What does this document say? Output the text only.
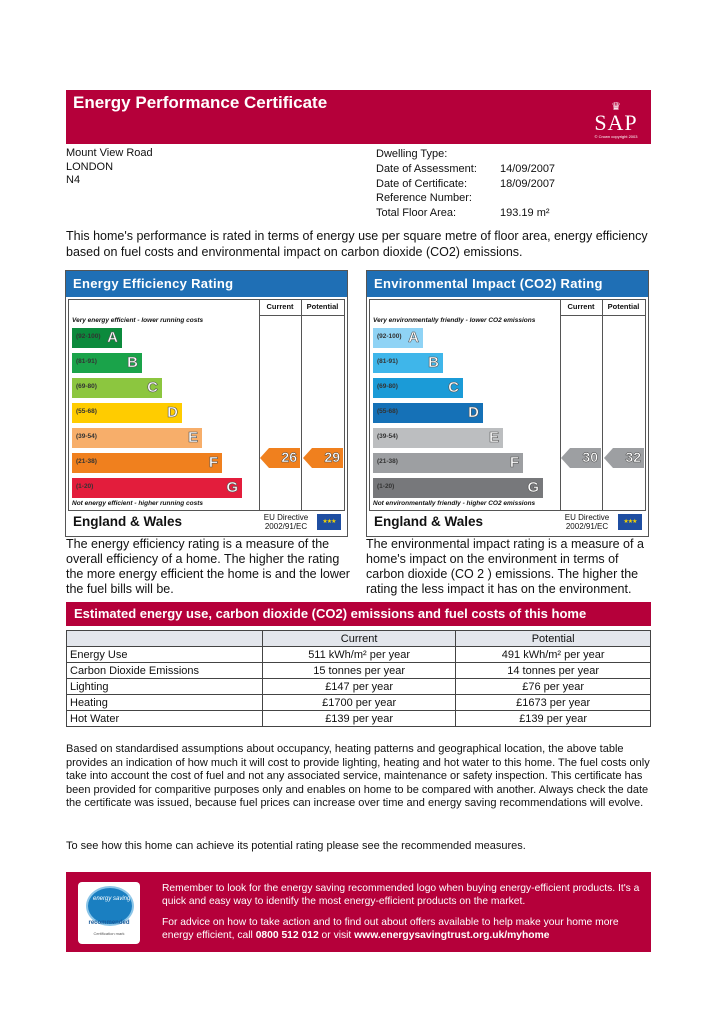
Energy Performance Certificate	♛
SAP
© Crown copyright 2003
Mount View Road
LONDON
N4
Dwelling Type:
Date of Assessment:	14/09/2007
Date of Certificate:	18/09/2007
Reference Number:
Total Floor Area:	193.19 m²
This home's performance is rated in terms of energy use per square metre of floor area, energy efficiency based on fuel costs and environmental impact on carbon dioxide (CO2) emissions.
Energy Efficiency Rating
Current	Potential
Very energy efficient - lower running costs
Not energy efficient - higher running costs
(92-100) A
(81-91) B
(69-80)	C
(55-68)	D
(39-54)	E
(21-38)	F
(1-20)	G
26 29
England & Wales	EU Directive 2002/91/EC	★★★
Environmental Impact (CO2) Rating
Current	Potential
Very environmentally friendly - lower CO2 emissions
Not environmentally friendly - higher CO2 emissions
(92-100) A
(81-91) B
(69-80)	C
(55-68)	D
(39-54)	E
(21-38)	F
(1-20)	G
30 32
England & Wales	EU Directive 2002/91/EC	★★★
The energy efficiency rating is a measure of the overall efficiency of a home. The higher the rating the more energy efficient the home is and the lower the fuel bills will be.
The environmental impact rating is a measure of a home's impact on the environment in terms of carbon dioxide (CO 2 ) emissions. The higher the rating the less impact it has on the environment.
Estimated energy use, carbon dioxide (CO2) emissions and fuel costs of this home
	Current	Potential
Energy Use	511 kWh/m² per year	491 kWh/m² per year
Carbon Dioxide Emissions	15 tonnes per year	14 tonnes per year
Lighting	£147 per year	£76 per year
Heating	£1700 per year	£1673 per year
Hot Water	£139 per year	£139 per year
Based on standardised assumptions about occupancy, heating patterns and geographical location, the above table provides an indication of how much it will cost to provide lighting, heating and hot water to this home. The fuel costs only take into account the cost of fuel and not any associated service, maintenance or safety inspection. This certificate has been provided for comparitive purposes only and enables on home to be compared with another. Always check the date the certificate was issued, because fuel prices can increase over time and energy saving recommendations will evolve.
To see how this home can achieve its potential rating please see the recommended measures.
energy saving
recommended
Certification mark
Remember to look for the energy saving recommended logo when buying energy-efficient products. It's a quick and easy way to identify the most energy-efficient products on the market.
For advice on how to take action and to find out about offers available to help make your home more energy efficient, call 0800 512 012 or visit www.energysavingtrust.org.uk/myhome
